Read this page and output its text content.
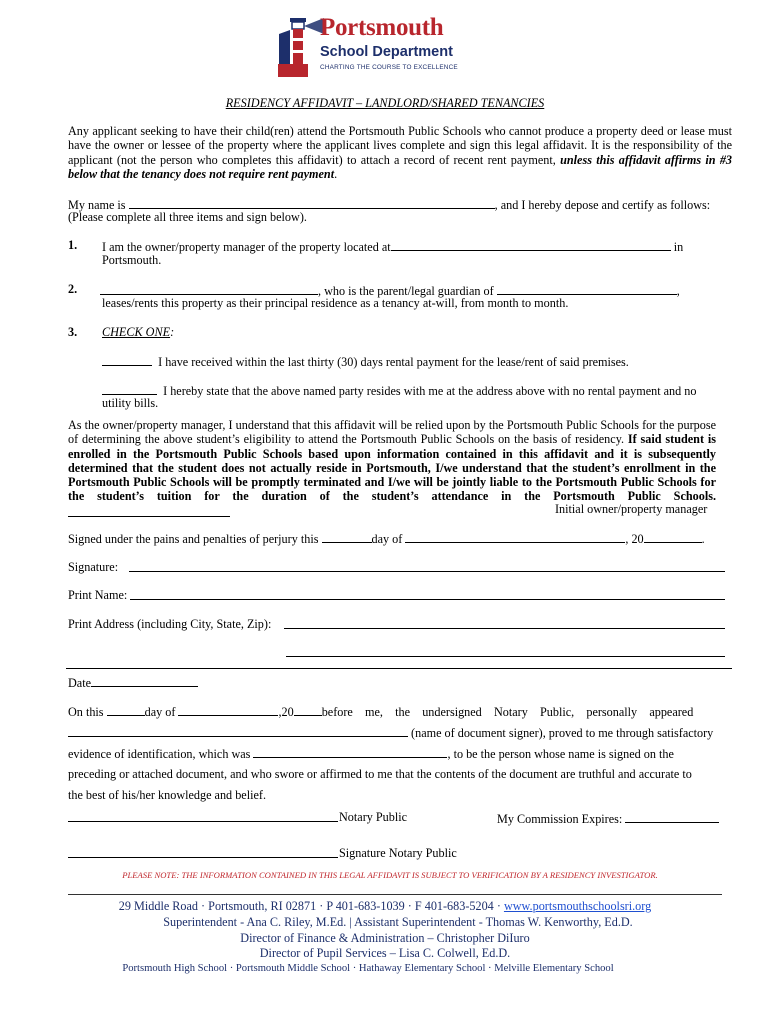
Portsmouth
School Department
CHARTING THE COURSE TO EXCELLENCE
RESIDENCY AFFIDAVIT – LANDLORD/SHARED TENANCIES
Any applicant seeking to have their child(ren) attend the Portsmouth Public Schools who cannot produce a property deed or lease must have the owner or lessee of the property where the applicant lives complete and sign this legal affidavit. It is the responsibility of the applicant (not the person who completes this affidavit) to attach a record of recent rent payment, unless this affidavit affirms in #3 below that the tenancy does not require rent payment.
My name is	, and I hereby depose and certify as follows:
(Please complete all three items and sign below).
1. I am the owner/property manager of the property located at	in
Portsmouth.
2.	, who is the parent/legal guardian of	,
leases/rents this property as their principal residence as a tenancy at-will, from month to month.
3. CHECK ONE:
I have received within the last thirty (30) days rental payment for the lease/rent of said premises.
I hereby state that the above named party resides with me at the address above with no rental payment and no
utility bills.
As the owner/property manager, I understand that this affidavit will be relied upon by the Portsmouth Public Schools for the purpose of determining the above student’s eligibility to attend the Portsmouth Public Schools on the basis of residency. If said student is enrolled in the Portsmouth Public Schools based upon information contained in this affidavit and it is subsequently determined that the student does not actually reside in Portsmouth, I/we understand that the student’s enrollment in the Portsmouth Public Schools will be promptly terminated and I/we will be jointly liable to the Portsmouth Public Schools for the student’s tuition for the duration of the student’s attendance in the Portsmouth Public Schools.
Initial owner/property manager
Signed under the pains and penalties of perjury this	day of	, 20	.
Signature:
Print Name:
Print Address (including City, State, Zip):
Date
On this	day of	,20 before    me,    the    undersigned    Notary    Public,    personally    appeared
(name of document signer), proved to me through satisfactory
evidence of identification, which was	, to be the person whose name is signed on the
preceding or attached document, and who swore or affirmed to me that the contents of the document are truthful and accurate to
the best of his/her knowledge and belief.
Notary Public	My Commission Expires:
Signature Notary Public
PLEASE NOTE: THE INFORMATION CONTAINED IN THIS LEGAL AFFIDAVIT IS SUBJECT TO VERIFICATION BY A RESIDENCY INVESTIGATOR.
29 Middle Road · Portsmouth, RI 02871 · P 401-683-1039 · F 401-683-5204 · www.portsmouthschoolsri.org
Superintendent - Ana C. Riley, M.Ed. | Assistant Superintendent - Thomas W. Kenworthy, Ed.D.
Director of Finance & Administration – Christopher DiIuro
Director of Pupil Services – Lisa C. Colwell, Ed.D.
Portsmouth High School · Portsmouth Middle School · Hathaway Elementary School · Melville Elementary School
